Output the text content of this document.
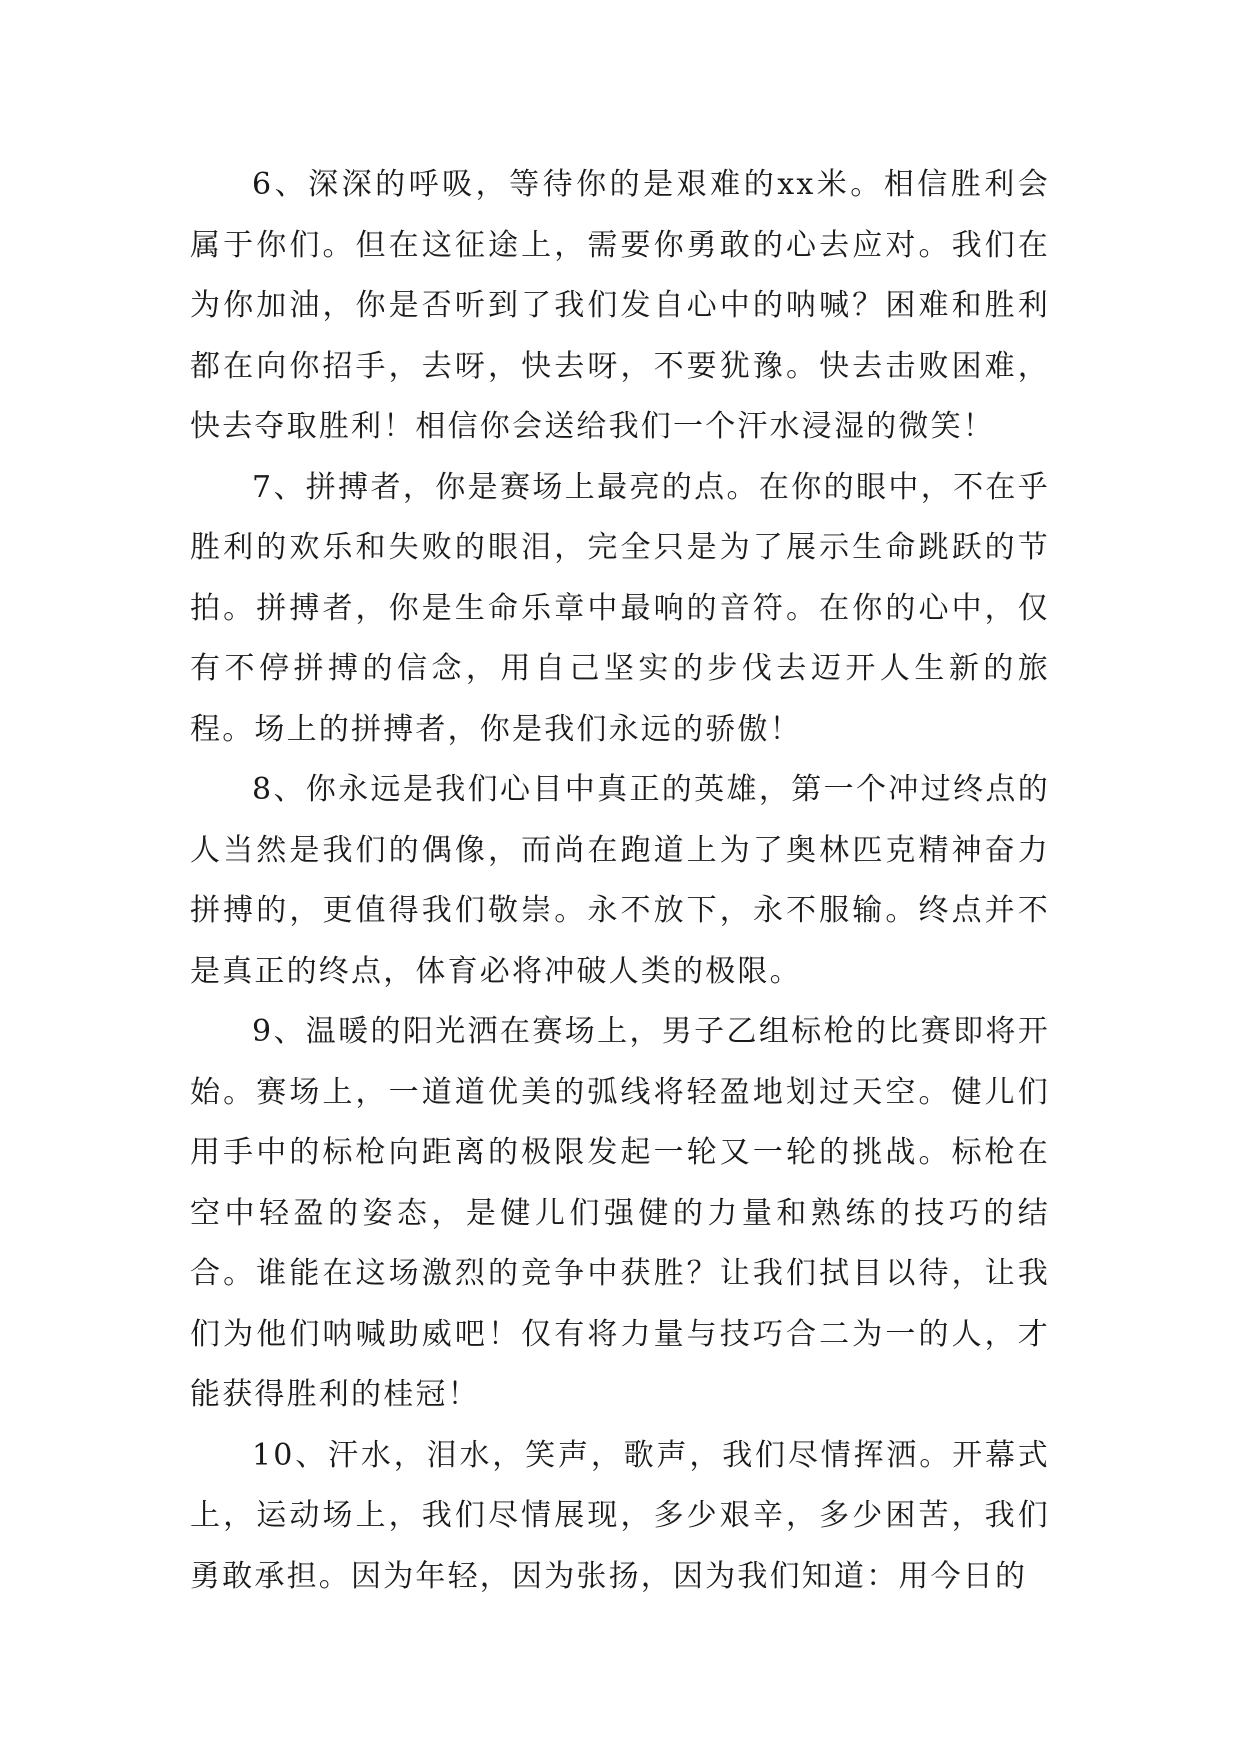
6、深深的呼吸，等待你的是艰难的xx米。相信胜利会属于你们。但在这征途上，需要你勇敢的心去应对。我们在为你加油，你是否听到了我们发自心中的呐喊？困难和胜利都在向你招手，去呀，快去呀，不要犹豫。快去击败困难，快去夺取胜利！相信你会送给我们一个汗水浸湿的微笑！

7、拼搏者，你是赛场上最亮的点。在你的眼中，不在乎胜利的欢乐和失败的眼泪，完全只是为了展示生命跳跃的节拍。拼搏者，你是生命乐章中最响的音符。在你的心中，仅有不停拼搏的信念，用自己坚实的步伐去迈开人生新的旅程。场上的拼搏者，你是我们永远的骄傲！

8、你永远是我们心目中真正的英雄，第一个冲过终点的人当然是我们的偶像，而尚在跑道上为了奥林匹克精神奋力拼搏的，更值得我们敬崇。永不放下，永不服输。终点并不是真正的终点，体育必将冲破人类的极限。

9、温暖的阳光洒在赛场上，男子乙组标枪的比赛即将开始。赛场上，一道道优美的弧线将轻盈地划过天空。健儿们用手中的标枪向距离的极限发起一轮又一轮的挑战。标枪在空中轻盈的姿态，是健儿们强健的力量和熟练的技巧的结合。谁能在这场激烈的竞争中获胜？让我们拭目以待，让我们为他们呐喊助威吧！仅有将力量与技巧合二为一的人，才能获得胜利的桂冠！

10、汗水，泪水，笑声，歌声，我们尽情挥洒。开幕式上，运动场上，我们尽情展现，多少艰辛，多少困苦，我们勇敢承担。因为年轻，因为张扬，因为我们知道：用今日的
